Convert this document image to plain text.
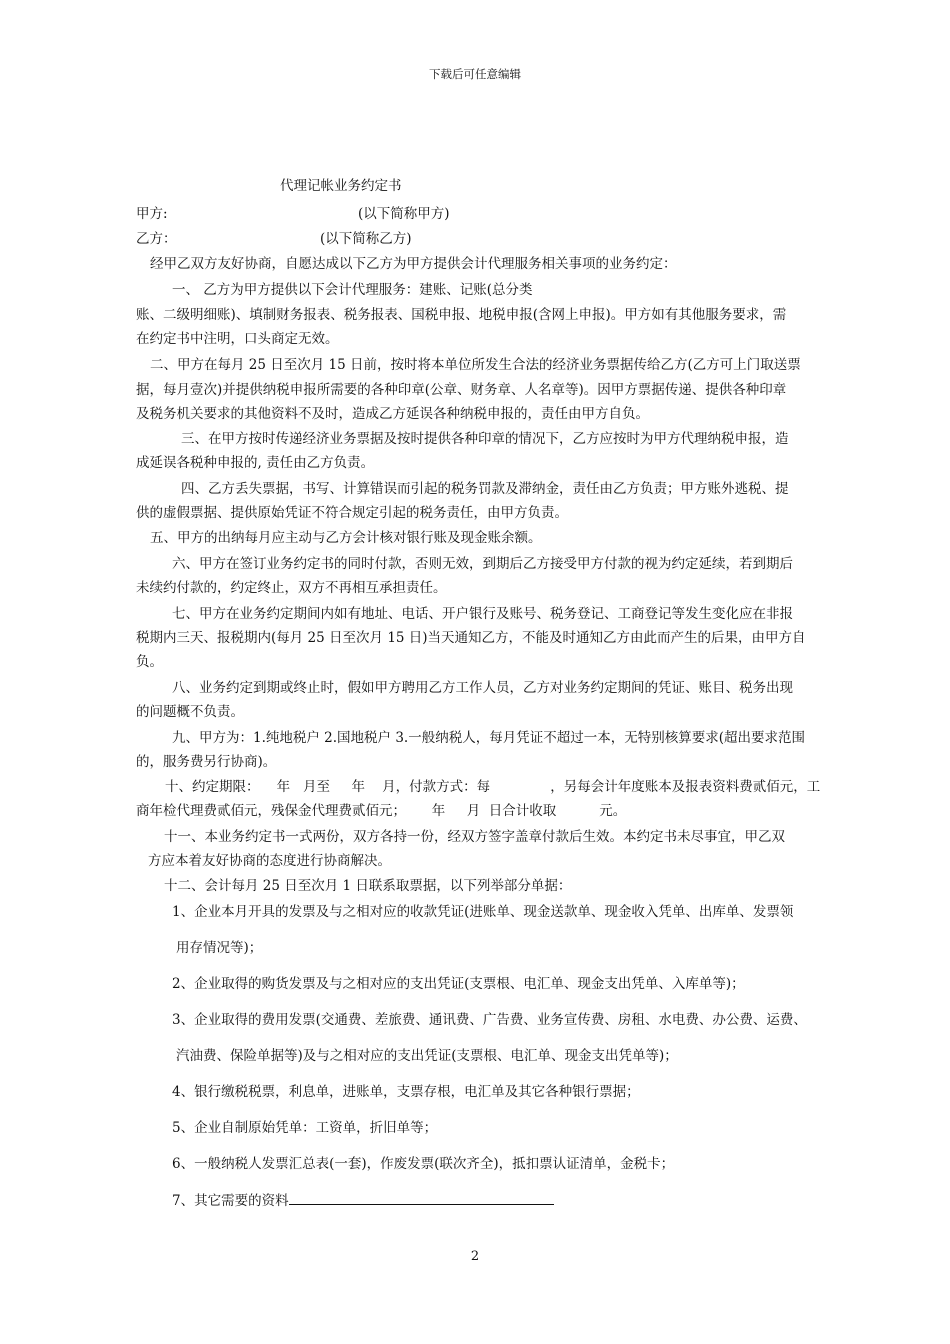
下载后可任意编辑
代理记帐业务约定书
甲方:	(以下简称甲方)
乙方：	(以下简称乙方)
经甲乙双方友好协商，自愿达成以下乙方为甲方提供会计代理服务相关事项的业务约定：
一、 乙方为甲方提供以下会计代理服务：建账、记账(总分类
账、二级明细账)、填制财务报表、税务报表、国税申报、地税申报(含网上申报)。甲方如有其他服务要求，需
在约定书中注明，口头商定无效。
二、甲方在每月 25 日至次月 15 日前，按时将本单位所发生合法的经济业务票据传给乙方(乙方可上门取送票
据，每月壹次)并提供纳税申报所需要的各种印章(公章、财务章、人名章等)。因甲方票据传递、提供各种印章
及税务机关要求的其他资料不及时，造成乙方延误各种纳税申报的，责任由甲方自负。
三、在甲方按时传递经济业务票据及按时提供各种印章的情况下，乙方应按时为甲方代理纳税申报，造
成延误各税种申报的, 责任由乙方负责。
四、乙方丢失票据，书写、计算错误而引起的税务罚款及滞纳金，责任由乙方负责；甲方账外逃税、提
供的虚假票据、提供原始凭证不符合规定引起的税务责任，由甲方负责。
五、甲方的出纳每月应主动与乙方会计核对银行账及现金账余额。
六、甲方在签订业务约定书的同时付款，否则无效，到期后乙方接受甲方付款的视为约定延续，若到期后
未续约付款的，约定终止，双方不再相互承担责任。
七、甲方在业务约定期间内如有地址、电话、开户银行及账号、税务登记、工商登记等发生变化应在非报
税期内三天、报税期内(每月 25 日至次月 15 日)当天通知乙方，不能及时通知乙方由此而产生的后果，由甲方自
负。
八、业务约定到期或终止时，假如甲方聘用乙方工作人员，乙方对业务约定期间的凭证、账目、税务出现
的问题概不负责。
九、甲方为：1.纯地税户 2.国地税户 3.一般纳税人，每月凭证不超过一本，无特别核算要求(超出要求范围
的，服务费另行协商)。
十、约定期限：    年   月至     年    月，付款方式：每              ，另每会计年度账本及报表资料费贰佰元，工
商年检代理费贰佰元，残保金代理费贰佰元；      年     月  日合计收取          元。
十一、本业务约定书一式两份，双方各持一份，经双方签字盖章付款后生效。本约定书未尽事宜，甲乙双
方应本着友好协商的态度进行协商解决。
十二、会计每月 25 日至次月 1 日联系取票据，以下列举部分单据：
1、企业本月开具的发票及与之相对应的收款凭证(进账单、现金送款单、现金收入凭单、出库单、发票领
用存情况等)；
2、企业取得的购货发票及与之相对应的支出凭证(支票根、电汇单、现金支出凭单、入库单等)；
3、企业取得的费用发票(交通费、差旅费、通讯费、广告费、业务宣传费、房租、水电费、办公费、运费、
汽油费、保险单据等)及与之相对应的支出凭证(支票根、电汇单、现金支出凭单等)；
4、银行缴税税票，利息单，进账单，支票存根，电汇单及其它各种银行票据；
5、企业自制原始凭单：工资单，折旧单等；
6、一般纳税人发票汇总表(一套)，作废发票(联次齐全)，抵扣票认证清单，金税卡；
7、其它需要的资料
2
